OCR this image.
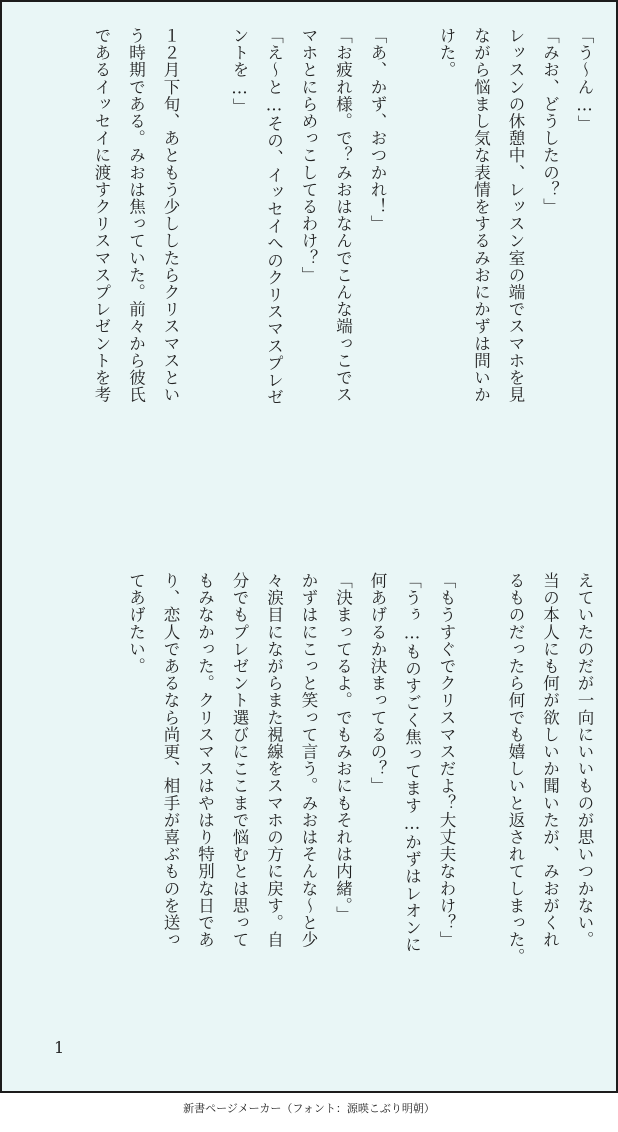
「う〜ん…」
「みお、どうしたの？」
レッスンの休憩中、レッスン室の端でスマホを見
ながら悩まし気な表情をするみおにかずは問いか
けた。

「あ、かず、おつかれ！」
「お疲れ様。で？みおはなんでこんな端っこでス
マホとにらめっこしてるわけ？」
「え〜と…その、イッセイへのクリスマスプレゼ
ントを…」

１２月下旬、あともう少ししたらクリスマスとい
う時期である。みおは焦っていた。前々から彼氏
であるイッセイに渡すクリスマスプレゼントを考
えていたのだが一向にいいものが思いつかない。
当の本人にも何が欲しいか聞いたが、みおがくれ
るものだったら何でも嬉しいと返されてしまった。

「もうすぐでクリスマスだよ？大丈夫なわけ？」
「うぅ…ものすごく焦ってます…かずはレオンに
何あげるか決まってるの？」
「決まってるよ。でもみおにもそれは内緒。」
かずはにこっと笑って言う。みおはそんな〜と少
々涙目にながらまた視線をスマホの方に戻す。自
分でもプレゼント選びにここまで悩むとは思って
もみなかった。クリスマスはやはり特別な日であ
り、恋人であるなら尚更、相手が喜ぶものを送っ
てあげたい。
1
新書ページメーカー（フォント：源暎こぶり明朝）
